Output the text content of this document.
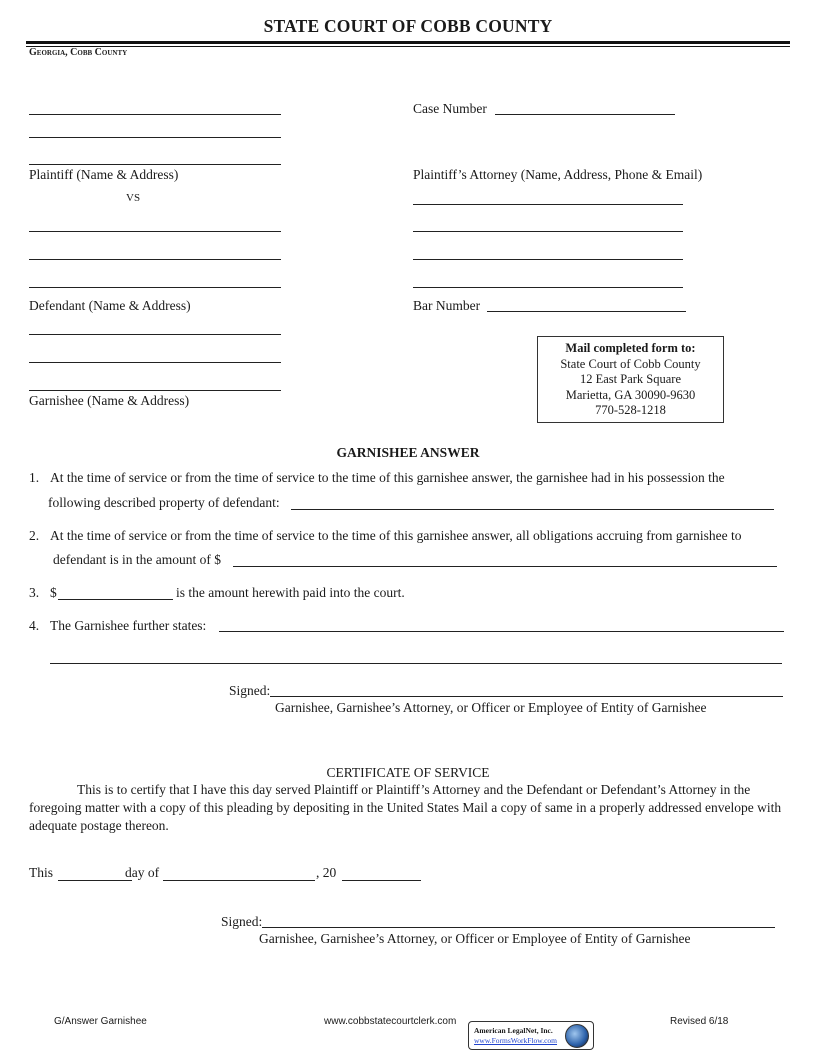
STATE COURT OF COBB COUNTY
Georgia, Cobb County
Plaintiff (Name & Address)
VS
Case Number
Plaintiff’s Attorney (Name, Address, Phone & Email)
Defendant (Name & Address)	Bar Number
Garnishee (Name & Address)
Mail completed form to:
State Court of Cobb County
12 East Park Square
Marietta, GA 30090-9630
770-528-1218
GARNISHEE ANSWER
1. At the time of service or from the time of service to the time of this garnishee answer, the garnishee had in his possession the
following described property of defendant:
2. At the time of service or from the time of service to the time of this garnishee answer, all obligations accruing from garnishee to
defendant is in the amount of $
3. $	is the amount herewith paid into the court.
4. The Garnishee further states:
Signed:
Garnishee, Garnishee’s Attorney, or Officer or Employee of Entity of Garnishee
CERTIFICATE OF SERVICE
This is to certify that I have this day served Plaintiff or Plaintiff’s Attorney and the Defendant or Defendant’s Attorney in the foregoing matter with a copy of this pleading by depositing in the United States Mail a copy of same in a properly addressed envelope with adequate postage thereon.
This	day of	, 20
Signed:
Garnishee, Garnishee’s Attorney, or Officer or Employee of Entity of Garnishee
G/Answer Garnishee	www.cobbstatecourtclerk.com	Revised 6/18
American LegalNet, Inc.
www.FormsWorkFlow.com
